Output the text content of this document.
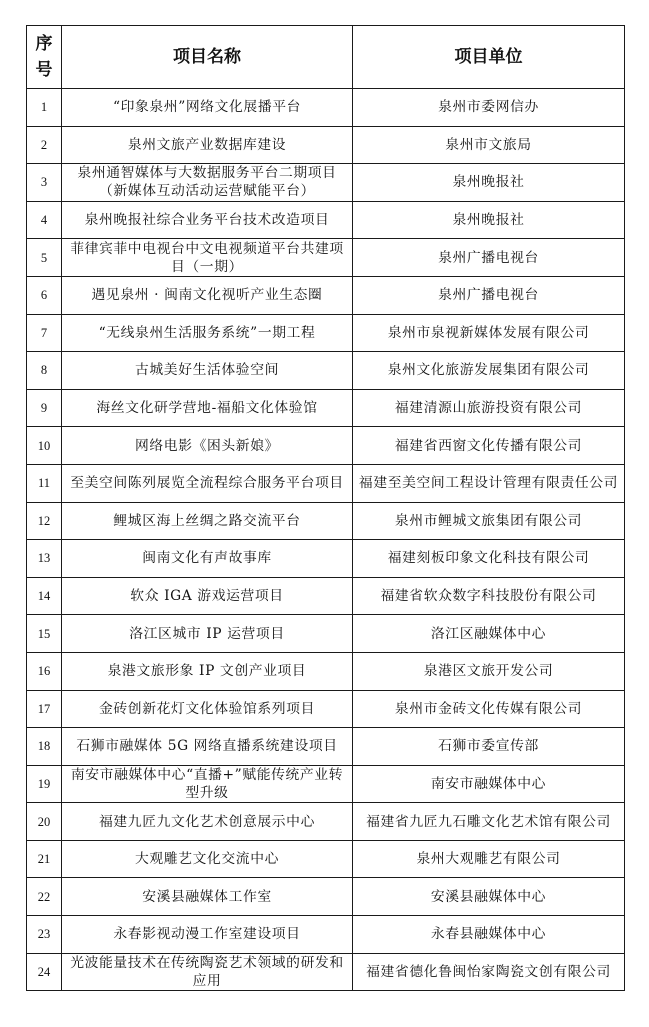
序号	项目名称	项目单位
1	“印象泉州”网络文化展播平台	泉州市委网信办
2	泉州文旅产业数据库建设	泉州市文旅局
3	泉州通智媒体与大数据服务平台二期项目（新媒体互动活动运营赋能平台）	泉州晚报社
4	泉州晚报社综合业务平台技术改造项目	泉州晚报社
5	菲律宾菲中电视台中文电视频道平台共建项目（一期）	泉州广播电视台
6	遇见泉州 · 闽南文化视听产业生态圈	泉州广播电视台
7	“无线泉州生活服务系统”一期工程	泉州市泉视新媒体发展有限公司
8	古城美好生活体验空间	泉州文化旅游发展集团有限公司
9	海丝文化研学营地-福船文化体验馆	福建清源山旅游投资有限公司
10	网络电影《困头新娘》	福建省西窗文化传播有限公司
11	至美空间陈列展览全流程综合服务平台项目	福建至美空间工程设计管理有限责任公司
12	鲤城区海上丝绸之路交流平台	泉州市鲤城文旅集团有限公司
13	闽南文化有声故事库	福建刻板印象文化科技有限公司
14	软众 IGA 游戏运营项目	福建省软众数字科技股份有限公司
15	洛江区城市 IP 运营项目	洛江区融媒体中心
16	泉港文旅形象 IP 文创产业项目	泉港区文旅开发公司
17	金砖创新花灯文化体验馆系列项目	泉州市金砖文化传媒有限公司
18	石狮市融媒体 5G 网络直播系统建设项目	石狮市委宣传部
19	南安市融媒体中心“直播+”赋能传统产业转型升级	南安市融媒体中心
20	福建九匠九文化艺术创意展示中心	福建省九匠九石雕文化艺术馆有限公司
21	大观雕艺文化交流中心	泉州大观雕艺有限公司
22	安溪县融媒体工作室	安溪县融媒体中心
23	永春影视动漫工作室建设项目	永春县融媒体中心
24	光波能量技术在传统陶瓷艺术领域的研发和应用	福建省德化鲁闽怡家陶瓷文创有限公司
